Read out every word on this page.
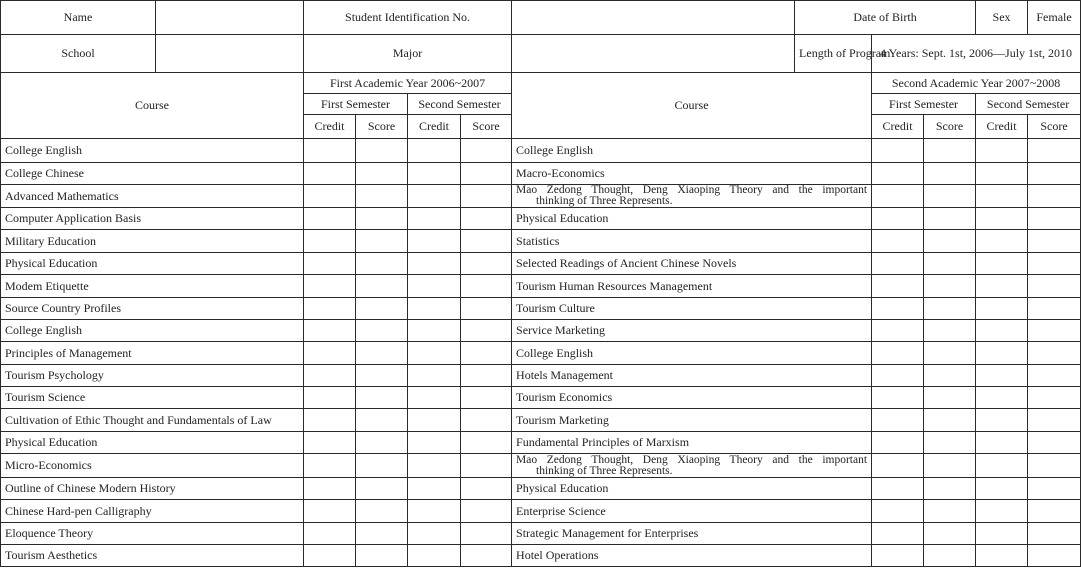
Name		Student Identification No.					Date of Birth			Sex	Female
School		Major					Length of Program	4 Years: Sept. 1st, 2006—July 1st, 2010			
Course		First Academic Year 2006~2007				Course		Second Academic Year 2007~2008			
		First Semester		Second Semester				First Semester		Second Semester	
		Credit	Score	Credit	Score			Credit	Score	Credit	Score
College English						College English					
College Chinese						Macro-Economics					
Advanced Mathematics						Mao Zedong Thought, Deng Xiaoping Theory and the important
thinking of Three Represents.					

Computer Application Basis						Physical Education					
Military Education						Statistics					
Physical Education						Selected Readings of Ancient Chinese Novels					
Modem Etiquette						Tourism Human Resources Management					
Source Country Profiles						Tourism Culture					
College English						Service Marketing					
Principles of Management						College English					
Tourism Psychology						Hotels Management					
Tourism Science						Tourism Economics					
Cultivation of Ethic Thought and Fundamentals of Law						Tourism Marketing					
Physical Education						Fundamental Principles of Marxism					
Micro-Economics						Mao Zedong Thought, Deng Xiaoping Theory and the important
thinking of Three Represents.					

Outline of Chinese Modern History						Physical Education					
Chinese Hard-pen Calligraphy						Enterprise Science					
Eloquence Theory						Strategic Management for Enterprises					
Tourism Aesthetics						Hotel Operations					
